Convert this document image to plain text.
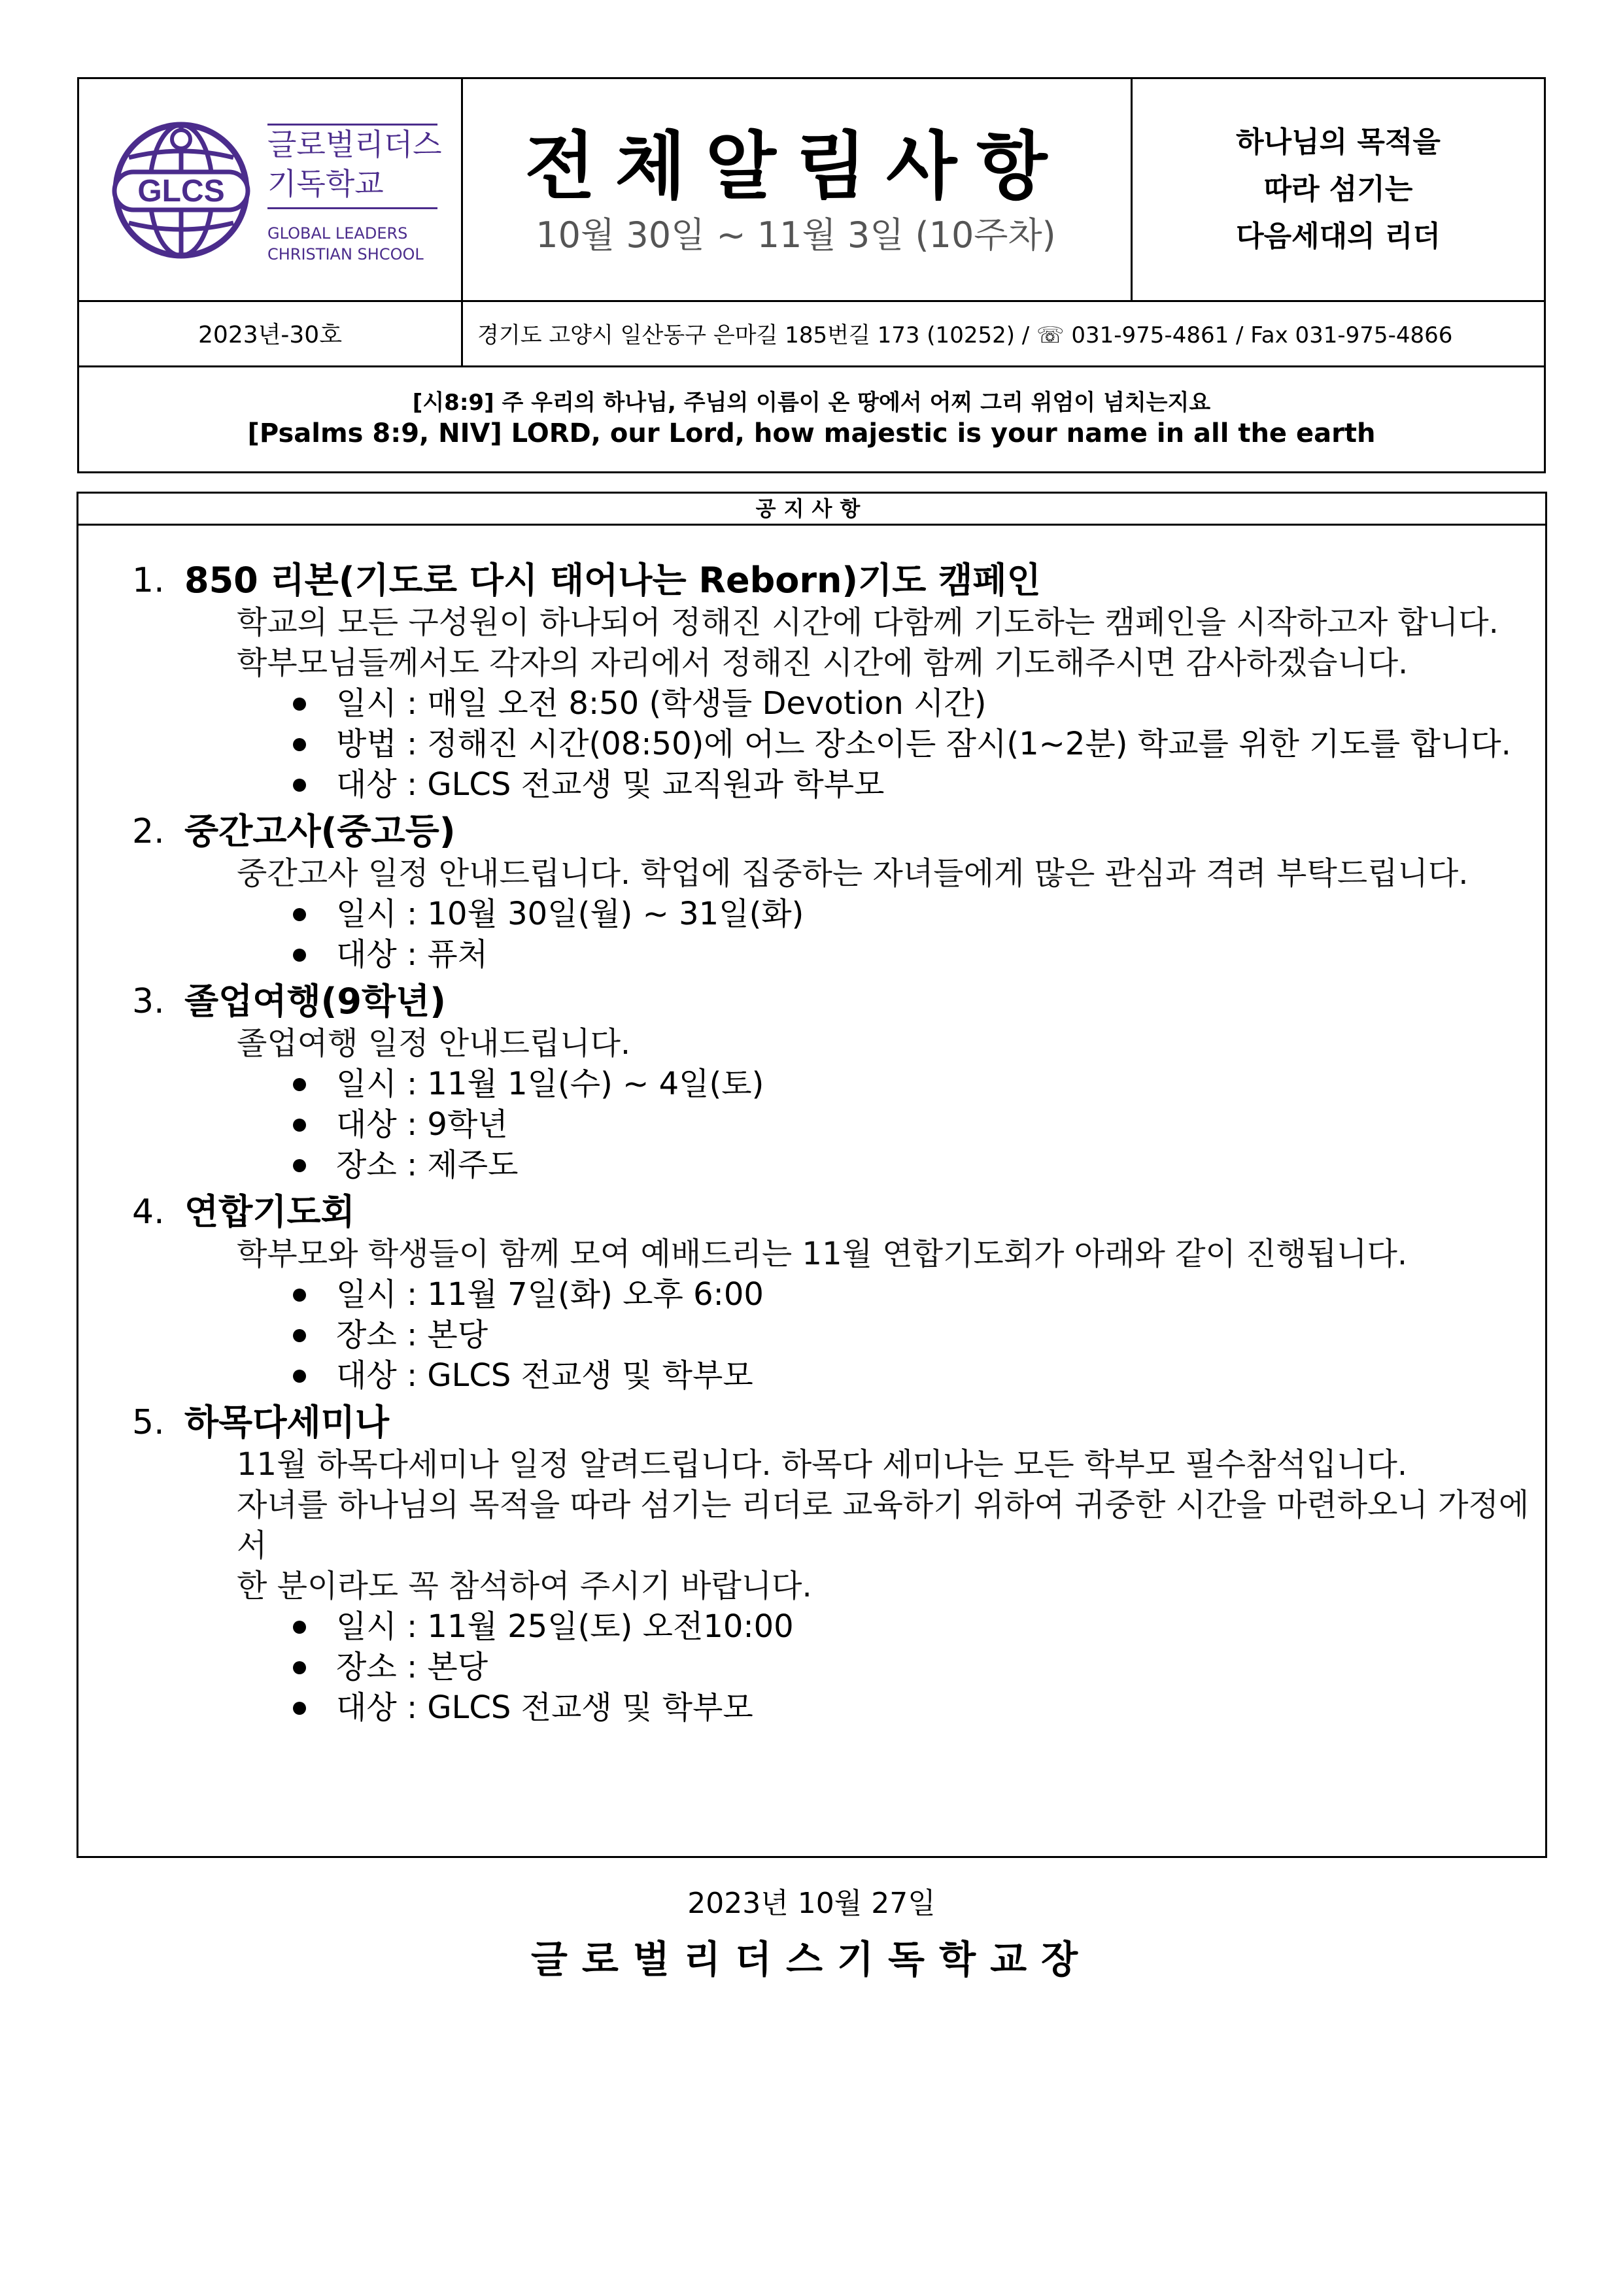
GLCS
글로벌리더스
기독학교
GLOBAL LEADERS
CHRISTIAN SHCOOL
전체알림사항
10월 30일 ~ 11월 3일 (10주차)
하나님의 목적을
따라 섬기는
다음세대의 리더
2023년-30호	경기도 고양시 일산동구 은마길 185번길 173 (10252) / ☏ 031-975-4861 / Fax 031-975-4866
[시8:9] 주 우리의 하나님, 주님의 이름이 온 땅에서 어찌 그리 위엄이 넘치는지요
[Psalms 8:9, NIV] LORD, our Lord, how majestic is your name in all the earth
공지사항
1. 850 리본(기도로 다시 태어나는 Reborn)기도 캠페인
학교의 모든 구성원이 하나되어 정해진 시간에 다함께 기도하는 캠페인을 시작하고자 합니다.
학부모님들께서도 각자의 자리에서 정해진 시간에 함께 기도해주시면 감사하겠습니다.
일시 : 매일 오전 8:50 (학생들 Devotion 시간)
방법 : 정해진 시간(08:50)에 어느 장소이든 잠시(1~2분) 학교를 위한 기도를 합니다.
대상 : GLCS 전교생 및 교직원과 학부모
2. 중간고사(중고등)
중간고사 일정 안내드립니다. 학업에 집중하는 자녀들에게 많은 관심과 격려 부탁드립니다.
일시 : 10월 30일(월) ~ 31일(화)
대상 : 퓨처
3. 졸업여행(9학년)
졸업여행 일정 안내드립니다.
일시 : 11월 1일(수) ~ 4일(토)
대상 : 9학년
장소 : 제주도
4. 연합기도회
학부모와 학생들이 함께 모여 예배드리는 11월 연합기도회가 아래와 같이 진행됩니다.
일시 : 11월 7일(화) 오후 6:00
장소 : 본당
대상 : GLCS 전교생 및 학부모
5. 하목다세미나
11월 하목다세미나 일정 알려드립니다. 하목다 세미나는 모든 학부모 필수참석입니다.
자녀를 하나님의 목적을 따라 섬기는 리더로 교육하기 위하여 귀중한 시간을 마련하오니 가정에서
한 분이라도 꼭 참석하여 주시기 바랍니다.
일시 : 11월 25일(토) 오전10:00
장소 : 본당
대상 : GLCS 전교생 및 학부모
2023년 10월 27일
글로벌리더스기독학교장
